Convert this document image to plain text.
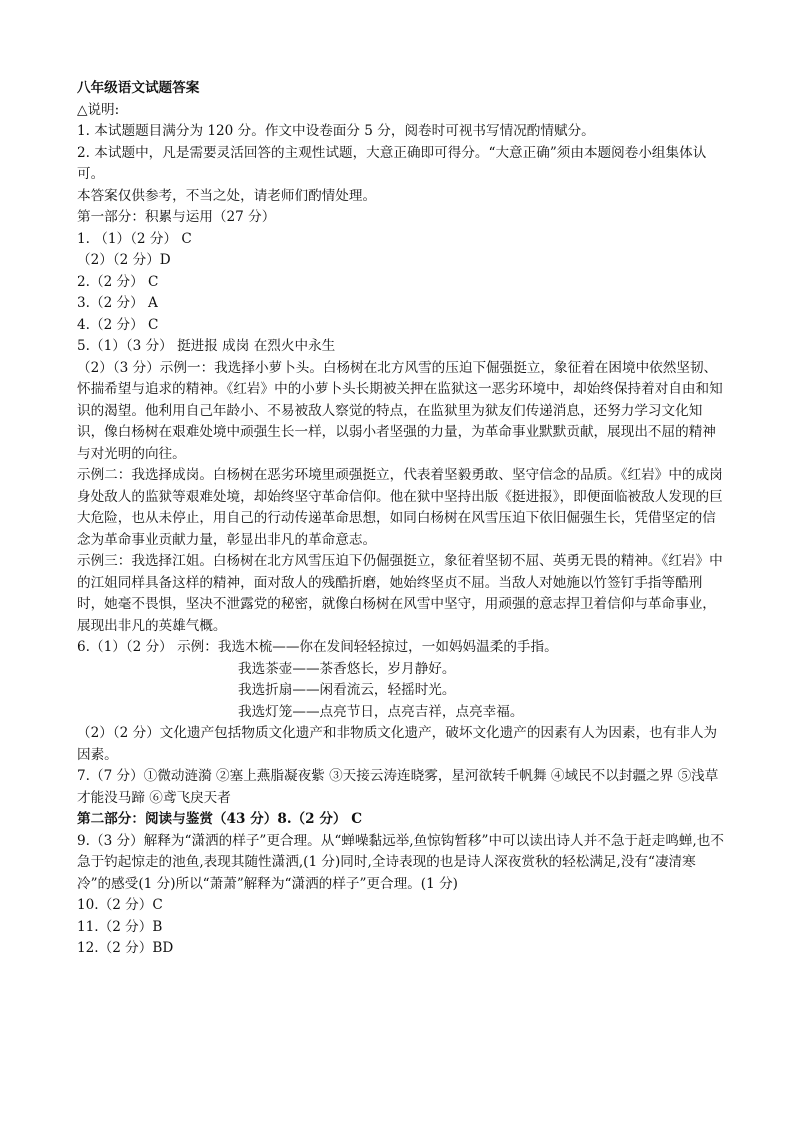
八年级语文试题答案

△说明:

1. 本试题题目满分为 120 分。作文中设卷面分 5 分，阅卷时可视书写情况酌情赋分。

2. 本试题中，凡是需要灵活回答的主观性试题，大意正确即可得分。“大意正确”须由本题阅卷小组集体认可。

本答案仅供参考，不当之处，请老师们酌情处理。

第一部分：积累与运用（27 分）

1. （1）（2 分） C

（2）（2 分）D

2.（2 分） C

3.（2 分） A

4.（2 分） C

5.（1）（3 分） 挺进报 成岗 在烈火中永生

（2）（3 分）示例一：我选择小萝卜头。白杨树在北方风雪的压迫下倔强挺立，象征着在困境中依然坚韧、怀揣希望与追求的精神。《红岩》中的小萝卜头长期被关押在监狱这一恶劣环境中，却始终保持着对自由和知识的渴望。他利用自己年龄小、不易被敌人察觉的特点，在监狱里为狱友们传递消息，还努力学习文化知识，像白杨树在艰难处境中顽强生长一样，以弱小者坚强的力量，为革命事业默默贡献，展现出不屈的精神与对光明的向往。

示例二：我选择成岗。白杨树在恶劣环境里顽强挺立，代表着坚毅勇敢、坚守信念的品质。《红岩》中的成岗身处敌人的监狱等艰难处境，却始终坚守革命信仰。他在狱中坚持出版《挺进报》，即便面临被敌人发现的巨大危险，也从未停止，用自己的行动传递革命思想，如同白杨树在风雪压迫下依旧倔强生长，凭借坚定的信念为革命事业贡献力量，彰显出非凡的革命意志。

示例三：我选择江姐。白杨树在北方风雪压迫下仍倔强挺立，象征着坚韧不屈、英勇无畏的精神。《红岩》中的江姐同样具备这样的精神，面对敌人的残酷折磨，她始终坚贞不屈。当敌人对她施以竹签钉手指等酷刑时，她毫不畏惧，坚决不泄露党的秘密，就像白杨树在风雪中坚守，用顽强的意志捍卫着信仰与革命事业，展现出非凡的英雄气概。

6.（1）（2 分） 示例：我选木梳——你在发间轻轻掠过，一如妈妈温柔的手指。

我选茶壶——茶香悠长，岁月静好。

我选折扇——闲看流云，轻摇时光。

我选灯笼——点亮节日，点亮吉祥，点亮幸福。

（2）（2 分）文化遗产包括物质文化遗产和非物质文化遗产，破坏文化遗产的因素有人为因素，也有非人为因素。

7.（7 分）①微动涟漪 ②塞上燕脂凝夜紫 ③天接云涛连晓雾，星河欲转千帆舞 ④域民不以封疆之界 ⑤浅草才能没马蹄 ⑥鸢飞戾天者

第二部分：阅读与鉴赏（43 分）8.（2 分） C

9.（3 分）解释为“潇洒的样子”更合理。从“蝉噪黏远举,鱼惊钩暂移”中可以读出诗人并不急于赶走鸣蝉,也不急于钓起惊走的池鱼,表现其随性潇洒,(1 分)同时,全诗表现的也是诗人深夜赏秋的轻松满足,没有“凄清寒冷”的感受(1 分)所以“萧萧”解释为“潇洒的样子”更合理。(1 分)

10.（2 分）C

11.（2 分）B

12.（2 分）BD
